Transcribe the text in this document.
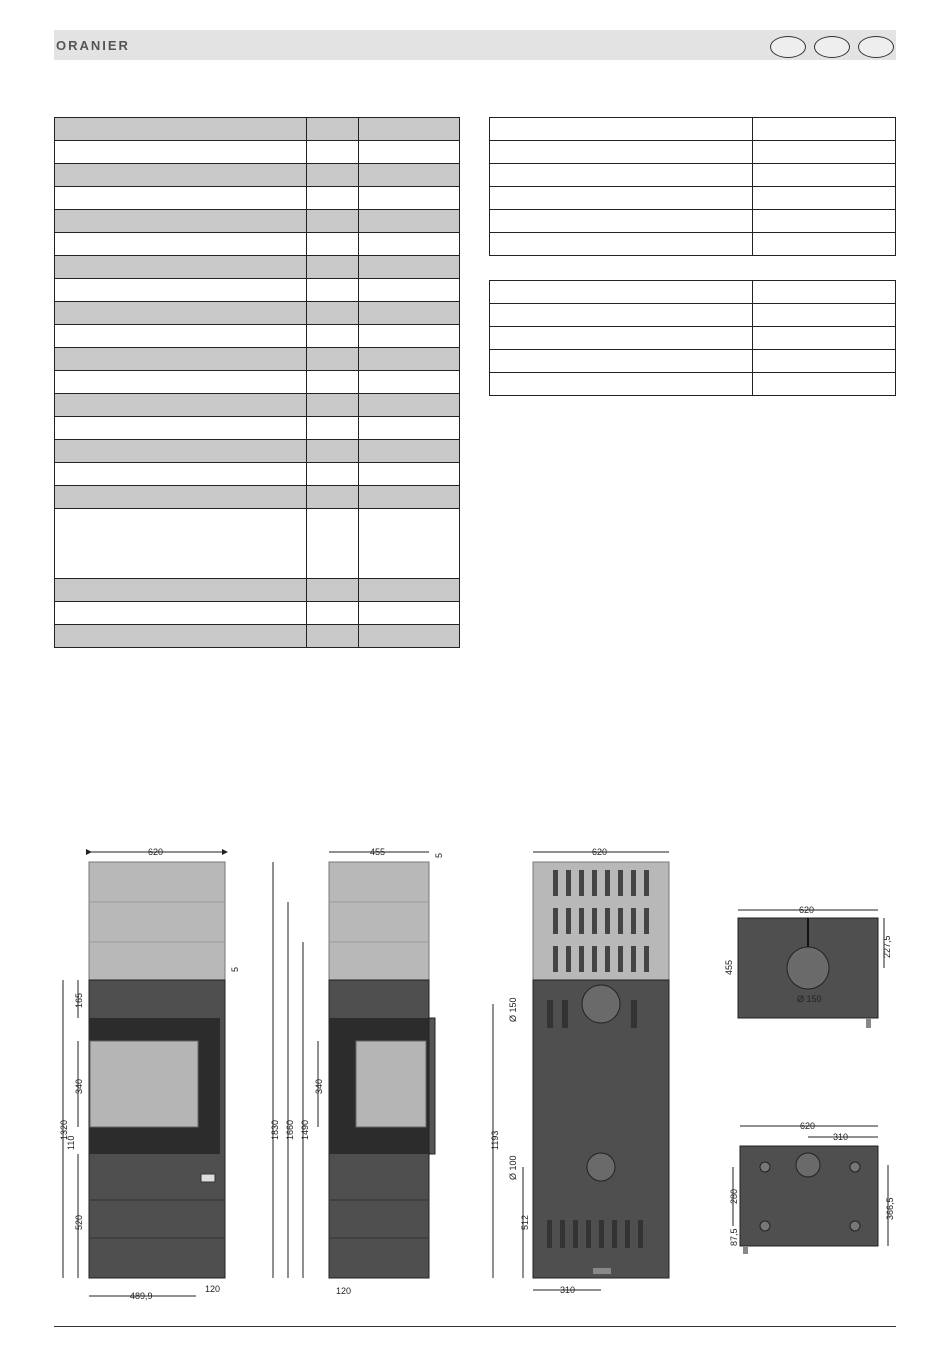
ORANIER

620
165
340
1320
110
520
5
489,9
120
455	5
1830 1660 1490
340
120
620
1193
512
Ø 150
Ø 100
310
620
455
227,5
Ø 150
620
310
280
87,5
366,5
